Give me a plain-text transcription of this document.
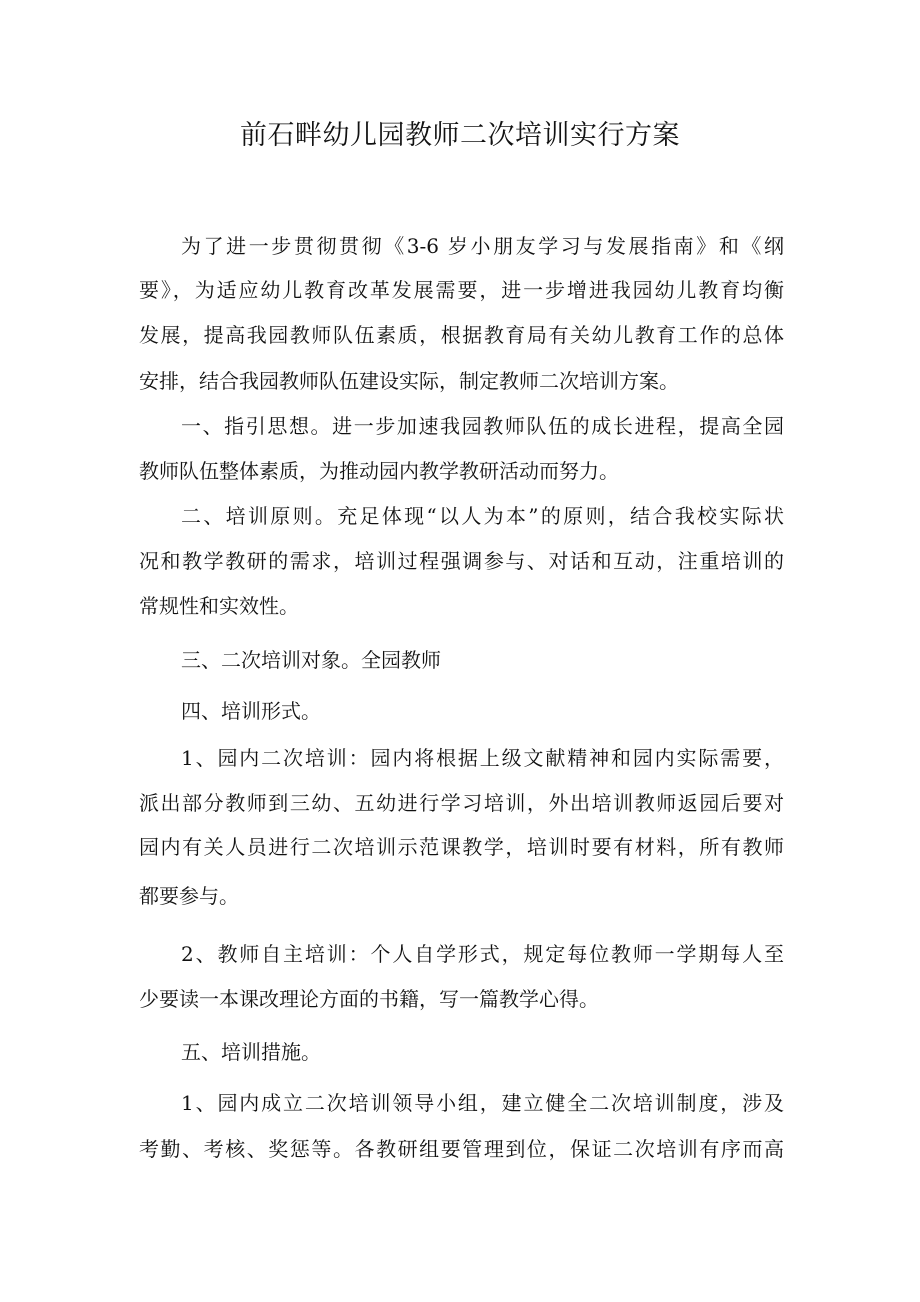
前石畔幼儿园教师二次培训实行方案
为了进一步贯彻贯彻《3-6 岁小朋友学习与发展指南》和《纲
要》，为适应幼儿教育改革发展需要，进一步增进我园幼儿教育均衡
发展，提高我园教师队伍素质，根据教育局有关幼儿教育工作的总体
安排，结合我园教师队伍建设实际，制定教师二次培训方案。
一、指引思想。进一步加速我园教师队伍的成长进程，提高全园
教师队伍整体素质，为推动园内教学教研活动而努力。
二、培训原则。充足体现“以人为本”的原则，结合我校实际状
况和教学教研的需求，培训过程强调参与、对话和互动，注重培训的
常规性和实效性。
三、二次培训对象。全园教师
四、培训形式。
1、园内二次培训：园内将根据上级文献精神和园内实际需要，
派出部分教师到三幼、五幼进行学习培训，外出培训教师返园后要对
园内有关人员进行二次培训示范课教学，培训时要有材料，所有教师
都要参与。
2、教师自主培训：个人自学形式，规定每位教师一学期每人至
少要读一本课改理论方面的书籍，写一篇教学心得。
五、培训措施。
1、园内成立二次培训领导小组，建立健全二次培训制度，涉及
考勤、考核、奖惩等。各教研组要管理到位，保证二次培训有序而高
